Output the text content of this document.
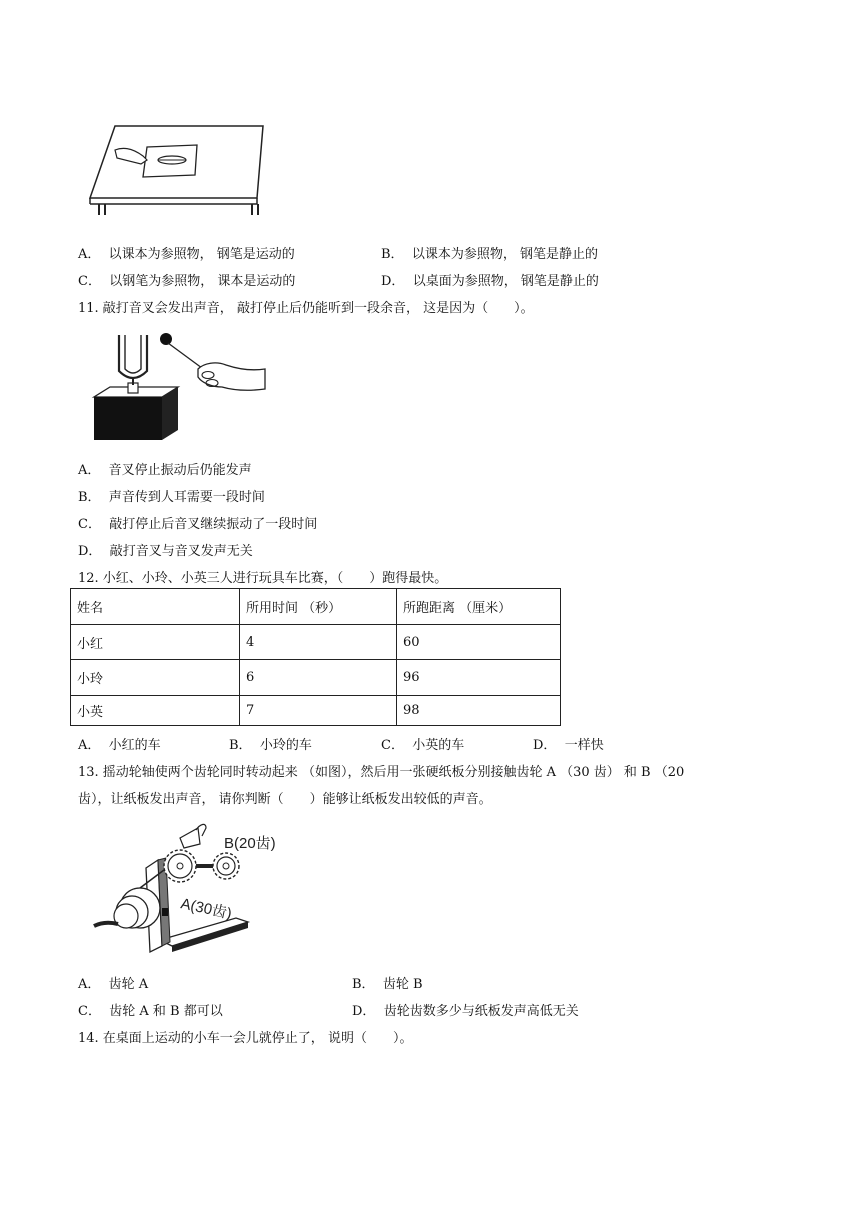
A． 以课本为参照物， 钢笔是运动的	B． 以课本为参照物， 钢笔是静止的
C． 以钢笔为参照物， 课本是运动的	D． 以桌面为参照物， 钢笔是静止的
11. 敲打音叉会发出声音， 敲打停止后仍能听到一段余音， 这是因为（　　）。
A． 音叉停止振动后仍能发声
B． 声音传到人耳需要一段时间
C． 敲打停止后音叉继续振动了一段时间
D． 敲打音叉与音叉发声无关
12. 小红、小玲、小英三人进行玩具车比赛，（　　）跑得最快。
姓名	所用时间 （秒）	所跑距离 （厘米）
小红	4	60
小玲	6	96
小英	7	98
A． 小红的车	B． 小玲的车	C． 小英的车	D． 一样快
13. 摇动轮轴使两个齿轮同时转动起来 （如图），然后用一张硬纸板分别接触齿轮 A （30 齿） 和 B （20
齿），让纸板发出声音， 请你判断（　　）能够让纸板发出较低的声音。
B(20齿)
A(30齿)
A． 齿轮 A	B． 齿轮 B
C． 齿轮 A 和 B 都可以	D． 齿轮齿数多少与纸板发声高低无关
14. 在桌面上运动的小车一会儿就停止了， 说明（　　）。
